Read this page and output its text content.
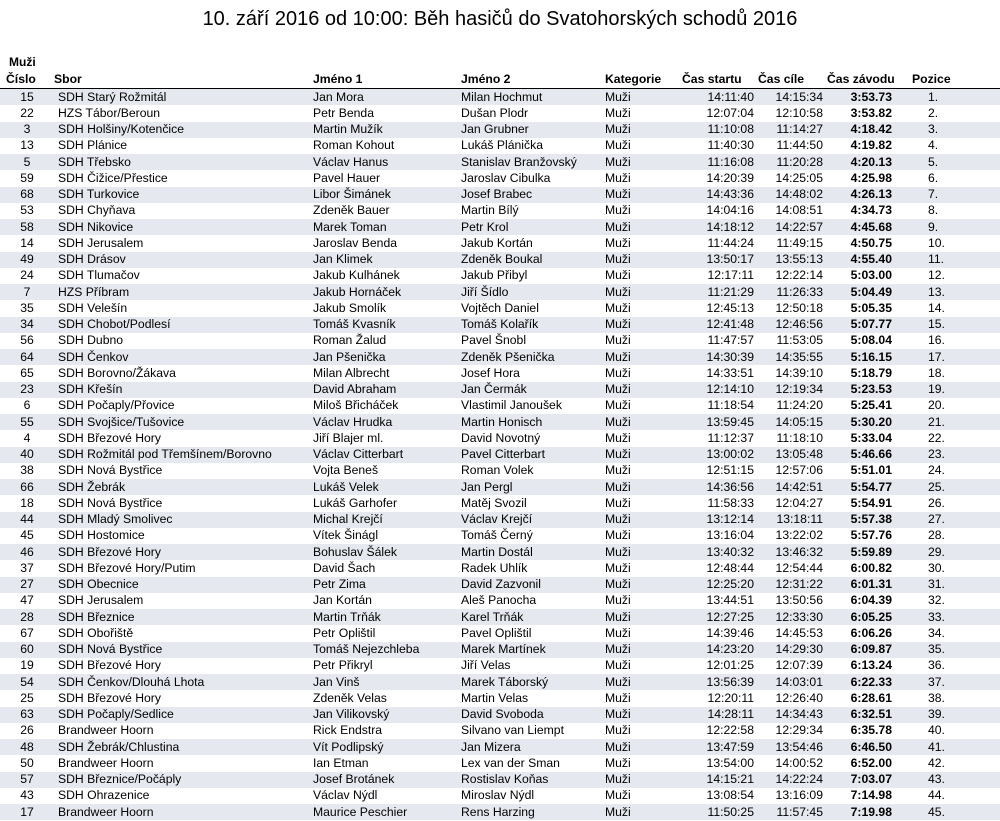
10. září 2016 od 10:00: Běh hasičů do Svatohorských schodů 2016
Muži
Číslo	Sbor	Jméno 1	Jméno 2	Kategorie	Čas startu	Čas cíle	Čas závodu	Pozice
15	SDH Starý Rožmitál	Jan Mora	Milan Hochmut	Muži	14:11:40	14:15:34	3:53.73	1.
22	HZS Tábor/Beroun	Petr Benda	Dušan Plodr	Muži	12:07:04	12:10:58	3:53.82	2.
3	SDH Holšiny/Kotenčice	Martin Mužík	Jan Grubner	Muži	11:10:08	11:14:27	4:18.42	3.
13	SDH Plánice	Roman Kohout	Lukáš Plánička	Muži	11:40:30	11:44:50	4:19.82	4.
5	SDH Třebsko	Václav Hanus	Stanislav Branžovský	Muži	11:16:08	11:20:28	4:20.13	5.
59	SDH Čižice/Přestice	Pavel Hauer	Jaroslav Cibulka	Muži	14:20:39	14:25:05	4:25.98	6.
68	SDH Turkovice	Libor Šimánek	Josef Brabec	Muži	14:43:36	14:48:02	4:26.13	7.
53	SDH Chyňava	Zdeněk Bauer	Martin Bílý	Muži	14:04:16	14:08:51	4:34.73	8.
58	SDH Nikovice	Marek Toman	Petr Krol	Muži	14:18:12	14:22:57	4:45.68	9.
14	SDH Jerusalem	Jaroslav Benda	Jakub Kortán	Muži	11:44:24	11:49:15	4:50.75	10.
49	SDH Drásov	Jan Klimek	Zdeněk Boukal	Muži	13:50:17	13:55:13	4:55.40	11.
24	SDH Tlumačov	Jakub Kulhánek	Jakub Přibyl	Muži	12:17:11	12:22:14	5:03.00	12.
7	HZS Příbram	Jakub Hornáček	Jiří Šídlo	Muži	11:21:29	11:26:33	5:04.49	13.
35	SDH Velešín	Jakub Smolík	Vojtěch Daniel	Muži	12:45:13	12:50:18	5:05.35	14.
34	SDH Chobot/Podlesí	Tomáš Kvasník	Tomáš Kolařík	Muži	12:41:48	12:46:56	5:07.77	15.
56	SDH Dubno	Roman Žalud	Pavel Šnobl	Muži	11:47:57	11:53:05	5:08.04	16.
64	SDH Čenkov	Jan Pšenička	Zdeněk Pšenička	Muži	14:30:39	14:35:55	5:16.15	17.
65	SDH Borovno/Žákava	Milan Albrecht	Josef Hora	Muži	14:33:51	14:39:10	5:18.79	18.
23	SDH Křešín	David Abraham	Jan Čermák	Muži	12:14:10	12:19:34	5:23.53	19.
6	SDH Počaply/Přovice	Miloš Břicháček	Vlastimil Janoušek	Muži	11:18:54	11:24:20	5:25.41	20.
55	SDH Svojšice/Tušovice	Václav Hrudka	Martin Honisch	Muži	13:59:45	14:05:15	5:30.20	21.
4	SDH Březové Hory	Jiří Blajer ml.	David Novotný	Muži	11:12:37	11:18:10	5:33.04	22.
40	SDH Rožmitál pod Třemšínem/Borovno	Václav Citterbart	Pavel Citterbart	Muži	13:00:02	13:05:48	5:46.66	23.
38	SDH Nová Bystřice	Vojta Beneš	Roman Volek	Muži	12:51:15	12:57:06	5:51.01	24.
66	SDH Žebrák	Lukáš Velek	Jan Pergl	Muži	14:36:56	14:42:51	5:54.77	25.
18	SDH Nová Bystřice	Lukáš Garhofer	Matěj Svozil	Muži	11:58:33	12:04:27	5:54.91	26.
44	SDH Mladý Smolivec	Michal Krejčí	Václav Krejčí	Muži	13:12:14	13:18:11	5:57.38	27.
45	SDH Hostomice	Vítek Šinágl	Tomáš Černý	Muži	13:16:04	13:22:02	5:57.76	28.
46	SDH Březové Hory	Bohuslav Šálek	Martin Dostál	Muži	13:40:32	13:46:32	5:59.89	29.
37	SDH Březové Hory/Putim	David Šach	Radek Uhlík	Muži	12:48:44	12:54:44	6:00.82	30.
27	SDH Obecnice	Petr Zima	David Zazvonil	Muži	12:25:20	12:31:22	6:01.31	31.
47	SDH Jerusalem	Jan Kortán	Aleš Panocha	Muži	13:44:51	13:50:56	6:04.39	32.
28	SDH Březnice	Martin Trňák	Karel Trňák	Muži	12:27:25	12:33:30	6:05.25	33.
67	SDH Obořiště	Petr Oplištil	Pavel Oplištil	Muži	14:39:46	14:45:53	6:06.26	34.
60	SDH Nová Bystřice	Tomáš Nejezchleba	Marek Martínek	Muži	14:23:20	14:29:30	6:09.87	35.
19	SDH Březové Hory	Petr Přikryl	Jiří Velas	Muži	12:01:25	12:07:39	6:13.24	36.
54	SDH Čenkov/Dlouhá Lhota	Jan Vinš	Marek Táborský	Muži	13:56:39	14:03:01	6:22.33	37.
25	SDH Březové Hory	Zdeněk Velas	Martin Velas	Muži	12:20:11	12:26:40	6:28.61	38.
63	SDH Počaply/Sedlice	Jan Vilikovský	David Svoboda	Muži	14:28:11	14:34:43	6:32.51	39.
26	Brandweer Hoorn	Rick Endstra	Silvano van Liempt	Muži	12:22:58	12:29:34	6:35.78	40.
48	SDH Žebrák/Chlustina	Vít Podlipský	Jan Mizera	Muži	13:47:59	13:54:46	6:46.50	41.
50	Brandweer Hoorn	Ian Etman	Lex van der Sman	Muži	13:54:00	14:00:52	6:52.00	42.
57	SDH Březnice/Počáply	Josef Brotánek	Rostislav Koňas	Muži	14:15:21	14:22:24	7:03.07	43.
43	SDH Ohrazenice	Václav Nýdl	Miroslav Nýdl	Muži	13:08:54	13:16:09	7:14.98	44.
17	Brandweer Hoorn	Maurice Peschier	Rens Harzing	Muži	11:50:25	11:57:45	7:19.98	45.
